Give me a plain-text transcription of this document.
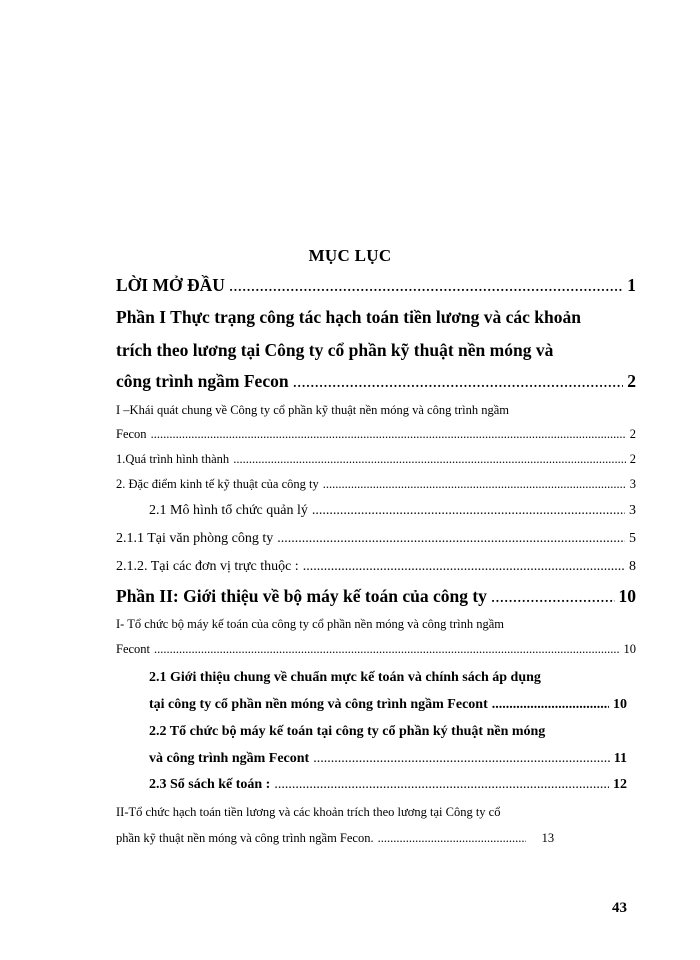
MỤC LỤC
LỜI MỞ ĐẦU .....	1
Phần I Thực trạng công tác hạch toán tiền lương và các khoản
trích theo lương tại Công ty cổ phần kỹ thuật nền móng và
công trình ngầm Fecon .....	2
I –Khái quát chung về Công ty cổ phần kỹ thuật nền móng và công trình ngầm
Fecon .....	2
1.Quá trình hình thành .....	2
2. Đặc điểm kinh tế kỹ thuật của công ty .....	3
2.1 Mô hình tổ chức quản lý .....	3
2.1.1 Tại văn phòng công ty .....	5
2.1.2. Tại các đơn vị trực thuộc : .....	8
Phần II: Giới thiệu về bộ máy kế toán của công ty .....	10
I- Tổ chức bộ máy kế toán của công ty cổ phần nền móng và công trình ngầm
Fecont .....	10
2.1 Giới thiệu chung về chuẩn mực kế toán và chính sách áp dụng
tại công ty cổ phần nền móng và công trình ngầm Fecont .....	10
2.2 Tổ chức bộ máy kế toán tại công ty cổ phần ký thuật nền móng
và công trình ngầm Fecont .....	11
2.3 Sổ sách kế toán : .....	12
II-Tổ chức hạch toán tiền lương và các khoản trích theo lương tại Công ty cổ
phần kỹ thuật nền móng và công trình ngầm Fecon. .....	13
43
